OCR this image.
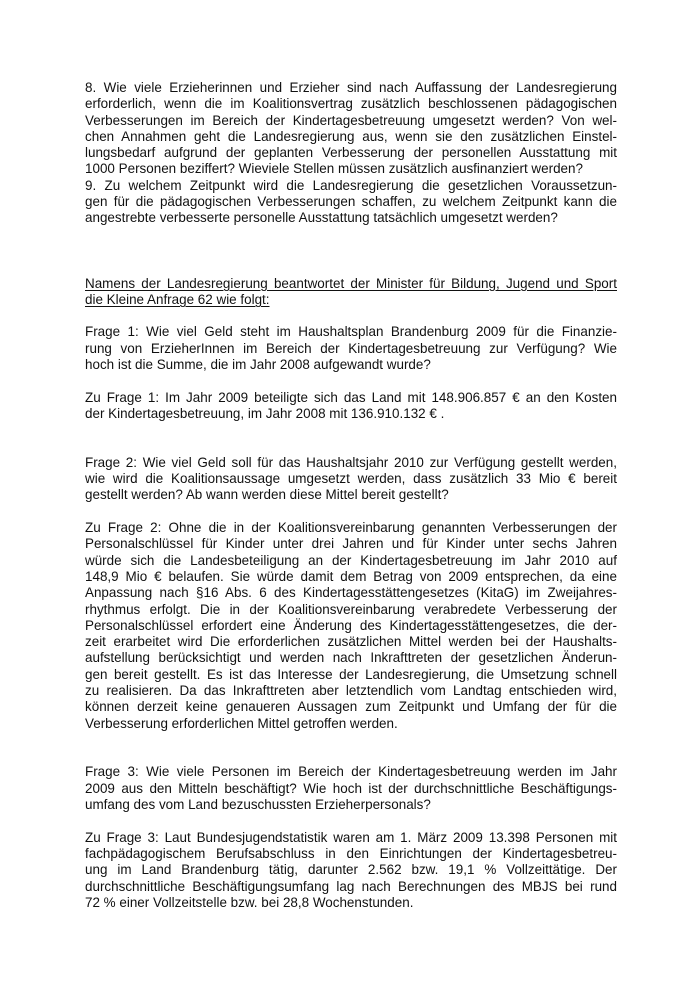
8. Wie viele Erzieherinnen und Erzieher sind nach Auffassung der Landesregierung
erforderlich, wenn die im Koalitionsvertrag zusätzlich beschlossenen pädagogischen
Verbesserungen im Bereich der Kindertagesbetreuung umgesetzt werden? Von wel-
chen Annahmen geht die Landesregierung aus, wenn sie den zusätzlichen Einstel-
lungsbedarf aufgrund der geplanten Verbesserung der personellen Ausstattung mit
1000 Personen beziffert? Wieviele Stellen müssen zusätzlich ausfinanziert werden?
9. Zu welchem Zeitpunkt wird die Landesregierung die gesetzlichen Voraussetzun-
gen für die pädagogischen Verbesserungen schaffen, zu welchem Zeitpunkt kann die
angestrebte verbesserte personelle Ausstattung tatsächlich umgesetzt werden?
Namens der Landesregierung beantwortet der Minister für Bildung, Jugend und Sport
die Kleine Anfrage 62 wie folgt:
Frage 1: Wie viel Geld steht im Haushaltsplan Brandenburg 2009 für die Finanzie-
rung von ErzieherInnen im Bereich der Kindertagesbetreuung zur Verfügung? Wie
hoch ist die Summe, die im Jahr 2008 aufgewandt wurde?
Zu Frage 1: Im Jahr 2009 beteiligte sich das Land mit 148.906.857 € an den Kosten
der Kindertagesbetreuung, im Jahr 2008 mit 136.910.132 € .
Frage 2: Wie viel Geld soll für das Haushaltsjahr 2010 zur Verfügung gestellt werden,
wie wird die Koalitionsaussage umgesetzt werden, dass zusätzlich 33 Mio € bereit
gestellt werden? Ab wann werden diese Mittel bereit gestellt?
Zu Frage 2: Ohne die in der Koalitionsvereinbarung genannten Verbesserungen der
Personalschlüssel für Kinder unter drei Jahren und für Kinder unter sechs Jahren
würde sich die Landesbeteiligung an der Kindertagesbetreuung im Jahr 2010 auf
148,9 Mio € belaufen. Sie würde damit dem Betrag von 2009 entsprechen, da eine
Anpassung nach §16 Abs. 6 des Kindertagesstättengesetzes (KitaG) im Zweijahres-
rhythmus erfolgt. Die in der Koalitionsvereinbarung verabredete Verbesserung der
Personalschlüssel erfordert eine Änderung des Kindertagesstättengesetzes, die der-
zeit erarbeitet wird Die erforderlichen zusätzlichen Mittel werden bei der Haushalts-
aufstellung berücksichtigt und werden nach Inkrafttreten der gesetzlichen Änderun-
gen bereit gestellt. Es ist das Interesse der Landesregierung, die Umsetzung schnell
zu realisieren. Da das Inkrafttreten aber letztendlich vom Landtag entschieden wird,
können derzeit keine genaueren Aussagen zum Zeitpunkt und Umfang der für die
Verbesserung erforderlichen Mittel getroffen werden.
Frage 3: Wie viele Personen im Bereich der Kindertagesbetreuung werden im Jahr
2009 aus den Mitteln beschäftigt? Wie hoch ist der durchschnittliche Beschäftigungs-
umfang des vom Land bezuschussten Erzieherpersonals?
Zu Frage 3: Laut Bundesjugendstatistik waren am 1. März 2009 13.398 Personen mit
fachpädagogischem Berufsabschluss in den Einrichtungen der Kindertagesbetreu-
ung im Land Brandenburg tätig, darunter 2.562 bzw. 19,1 % Vollzeittätige. Der
durchschnittliche Beschäftigungsumfang lag nach Berechnungen des MBJS bei rund
72 % einer Vollzeitstelle bzw. bei 28,8 Wochenstunden.
